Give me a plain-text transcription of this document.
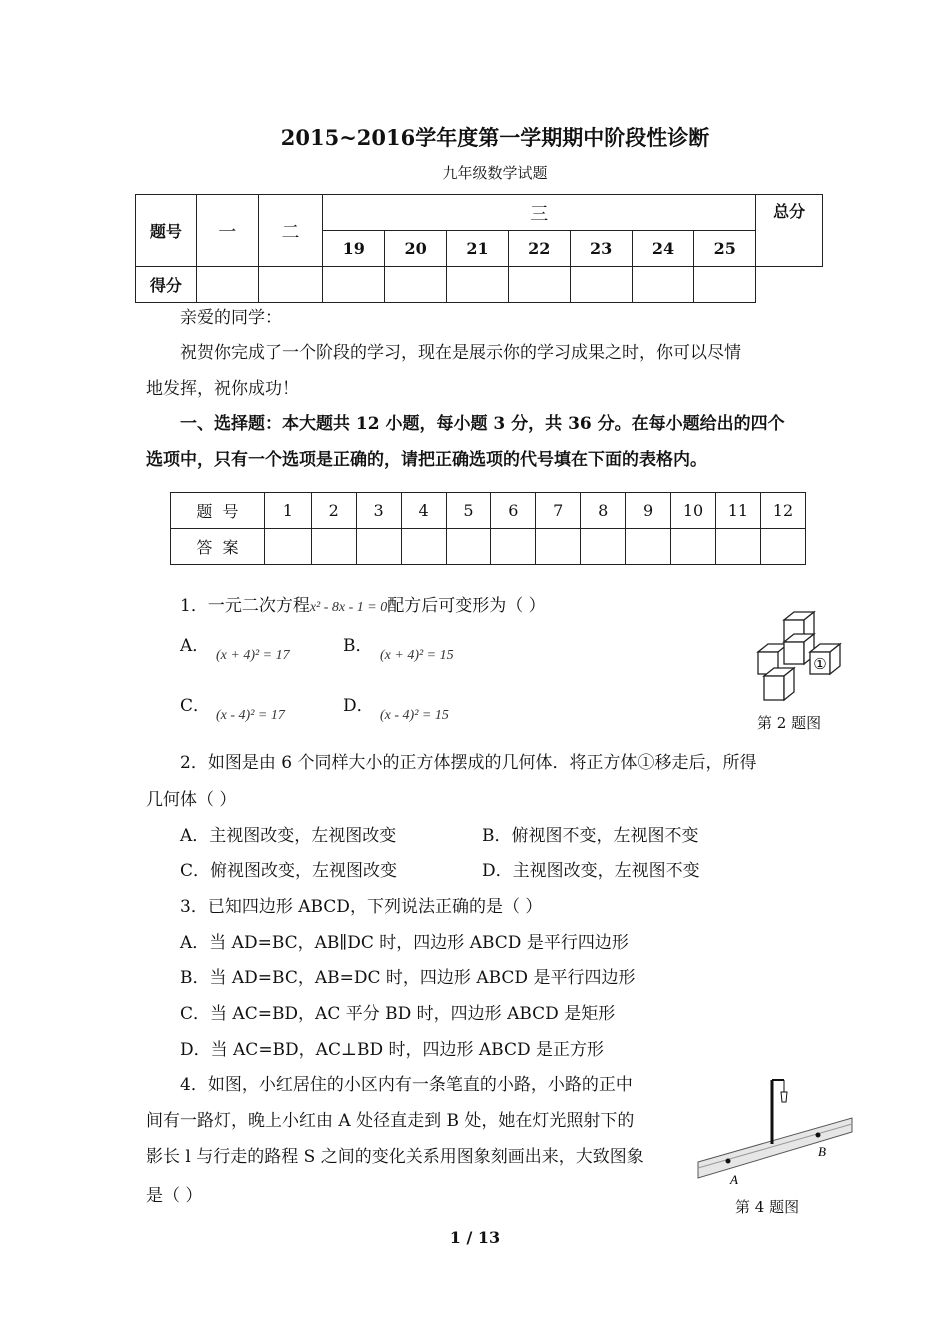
2015~2016学年度第一学期期中阶段性诊断
九年级数学试题
题号	一	二	三							总分
			19	20	21	22	23	24	25	
得分										
亲爱的同学：
祝贺你完成了一个阶段的学习，现在是展示你的学习成果之时，你可以尽情
地发挥，祝你成功！
一、选择题：本大题共 12 小题，每小题 3 分，共 36 分。在每小题给出的四个
选项中，只有一个选项是正确的，请把正确选项的代号填在下面的表格内。
题  号	1	2	3	4	5	6	7	8	9	10	11	12
答  案												
1．一元二次方程x² - 8x - 1 = 0配方后可变形为（ ）
A． (x + 4)² = 17	B． (x + 4)² = 15
C． (x - 4)² = 17	D． (x - 4)² = 15
①
第 2 题图
2．如图是由 6 个同样大小的正方体摆成的几何体．将正方体①移走后，所得
几何体（ ）
A．主视图改变，左视图改变	B．俯视图不变，左视图不变
C．俯视图改变，左视图改变	D．主视图改变，左视图不变
3．已知四边形 ABCD，下列说法正确的是（ ）
A．当 AD=BC，AB∥DC 时，四边形 ABCD 是平行四边形
B．当 AD=BC，AB=DC 时，四边形 ABCD 是平行四边形
C．当 AC=BD，AC 平分 BD 时，四边形 ABCD 是矩形
D．当 AC=BD，AC⊥BD 时，四边形 ABCD 是正方形
4．如图，小红居住的小区内有一条笔直的小路，小路的正中
间有一路灯，晚上小红由 A 处径直走到 B 处，她在灯光照射下的
影长 l 与行走的路程 S 之间的变化关系用图象刻画出来，大致图象
是（ ）
A
B
第 4 题图
1 / 13
